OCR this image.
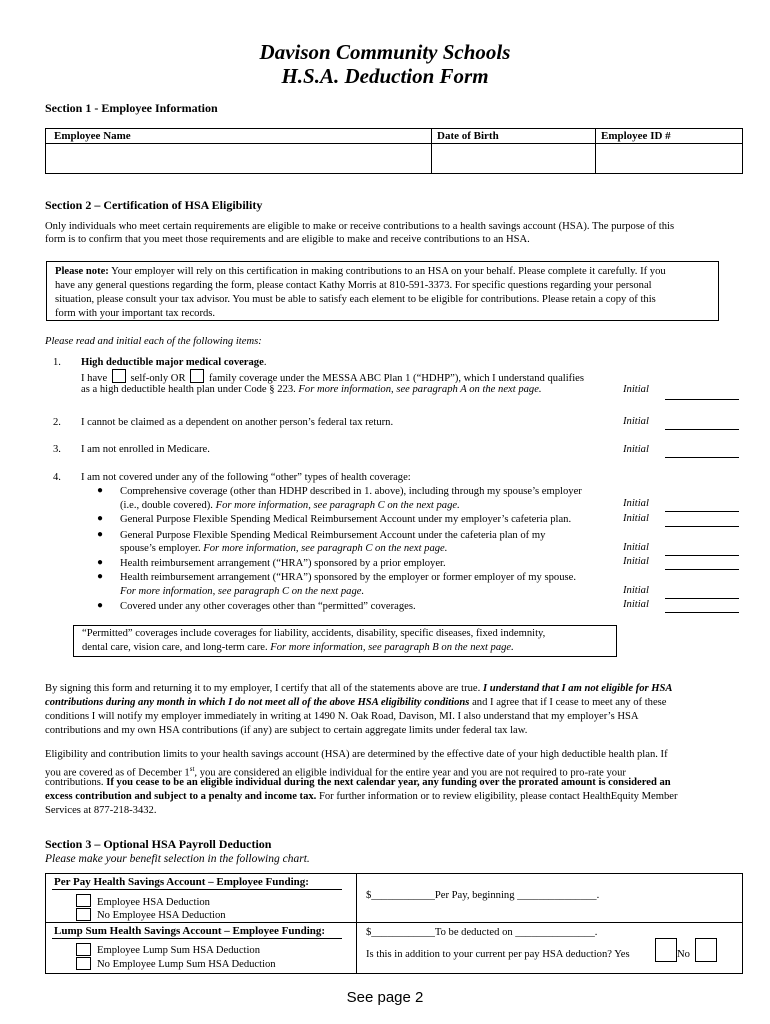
Davison Community Schools
H.S.A. Deduction Form
Section 1 - Employee Information
Employee Name	Date of Birth	Employee ID #
Section 2 – Certification of HSA Eligibility
Only individuals who meet certain requirements are eligible to make or receive contributions to a health savings account (HSA). The purpose of this
form is to confirm that you meet those requirements and are eligible to make and receive contributions to an HSA.
Please note: Your employer will rely on this certification in making contributions to an HSA on your behalf. Please complete it carefully. If you
have any general questions regarding the form, please contact Kathy Morris at 810-591-3373. For specific questions regarding your personal
situation, please consult your tax advisor. You must be able to satisfy each element to be eligible for contributions. Please retain a copy of this
form with your important tax records.
Please read and initial each of the following items:
1. High deductible major medical coverage.
I have self-only OR family coverage under the MESSA ABC Plan 1 (“HDHP”), which I understand qualifies
as a high deductible health plan under Code § 223. For more information, see paragraph A on the next page.	Initial
2. I cannot be claimed as a dependent on another person’s federal tax return.	Initial
3. I am not enrolled in Medicare.	Initial
4. I am not covered under any of the following “other” types of health coverage:
● Comprehensive coverage (other than HDHP described in 1. above), including through my spouse’s employer
(i.e., double covered). For more information, see paragraph C on the next page.	Initial
● General Purpose Flexible Spending Medical Reimbursement Account under my employer’s cafeteria plan.	Initial
● General Purpose Flexible Spending Medical Reimbursement Account under the cafeteria plan of my
spouse’s employer. For more information, see paragraph C on the next page.	Initial
● Health reimbursement arrangement (“HRA”) sponsored by a prior employer.	Initial
● Health reimbursement arrangement (“HRA”) sponsored by the employer or former employer of my spouse.
For more information, see paragraph C on the next page.	Initial
● Covered under any other coverages other than “permitted” coverages.	Initial
“Permitted” coverages include coverages for liability, accidents, disability, specific diseases, fixed indemnity,
dental care, vision care, and long-term care. For more information, see paragraph B on the next page.
By signing this form and returning it to my employer, I certify that all of the statements above are true. I understand that I am not eligible for HSA
contributions during any month in which I do not meet all of the above HSA eligibility conditions and I agree that if I cease to meet any of these
conditions I will notify my employer immediately in writing at 1490 N. Oak Road, Davison, MI. I also understand that my employer’s HSA
contributions and my own HSA contributions (if any) are subject to certain aggregate limits under federal tax law.
Eligibility and contribution limits to your health savings account (HSA) are determined by the effective date of your high deductible health plan. If
you are covered as of December 1st, you are considered an eligible individual for the entire year and you are not required to pro-rate your
contributions. If you cease to be an eligible individual during the next calendar year, any funding over the prorated amount is considered an
excess contribution and subject to a penalty and income tax. For further information or to review eligibility, please contact HealthEquity Member
Services at 877-218-3432.
Section 3 – Optional HSA Payroll Deduction
Please make your benefit selection in the following chart.
Per Pay Health Savings Account – Employee Funding:
Employee HSA Deduction
No Employee HSA Deduction
$____________Per Pay, beginning _______________.
Lump Sum Health Savings Account – Employee Funding:
Employee Lump Sum HSA Deduction
No Employee Lump Sum HSA Deduction
$____________To be deducted on _______________.
Is this in addition to your current per pay HSA deduction? Yes	No
See page 2
